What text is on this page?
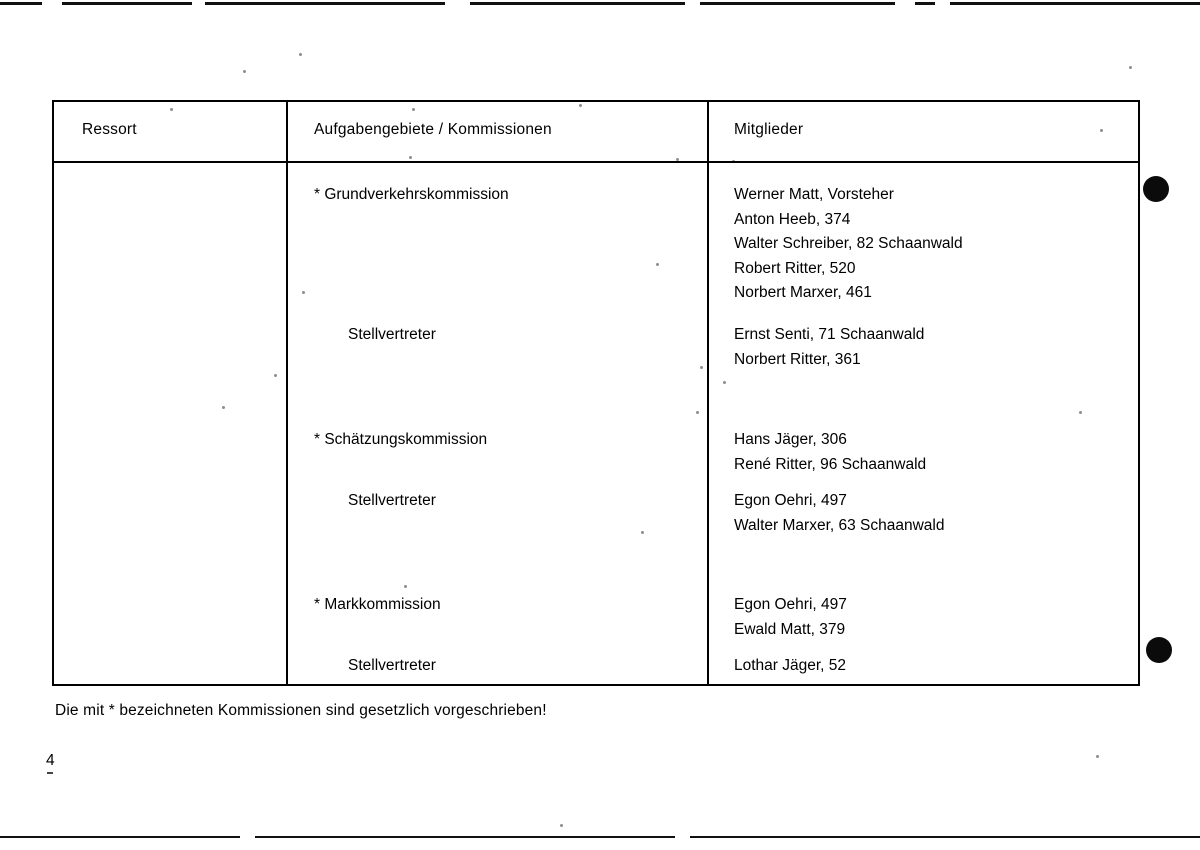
Ressort	Aufgabengebiete / Kommissionen	Mitglieder
* Grundverkehrskommission	Werner Matt, Vorsteher
Anton Heeb, 374
Walter Schreiber, 82 Schaanwald
Robert Ritter, 520
Norbert Marxer, 461
Stellvertreter	Ernst Senti, 71 Schaanwald
Norbert Ritter, 361
* Schätzungskommission	Hans Jäger, 306
René Ritter, 96 Schaanwald
Stellvertreter	Egon Oehri, 497
Walter Marxer, 63 Schaanwald
* Markkommission	Egon Oehri, 497
Ewald Matt, 379
Stellvertreter	Lothar Jäger, 52
Die mit * bezeichneten Kommissionen sind gesetzlich vorgeschrieben!
4
